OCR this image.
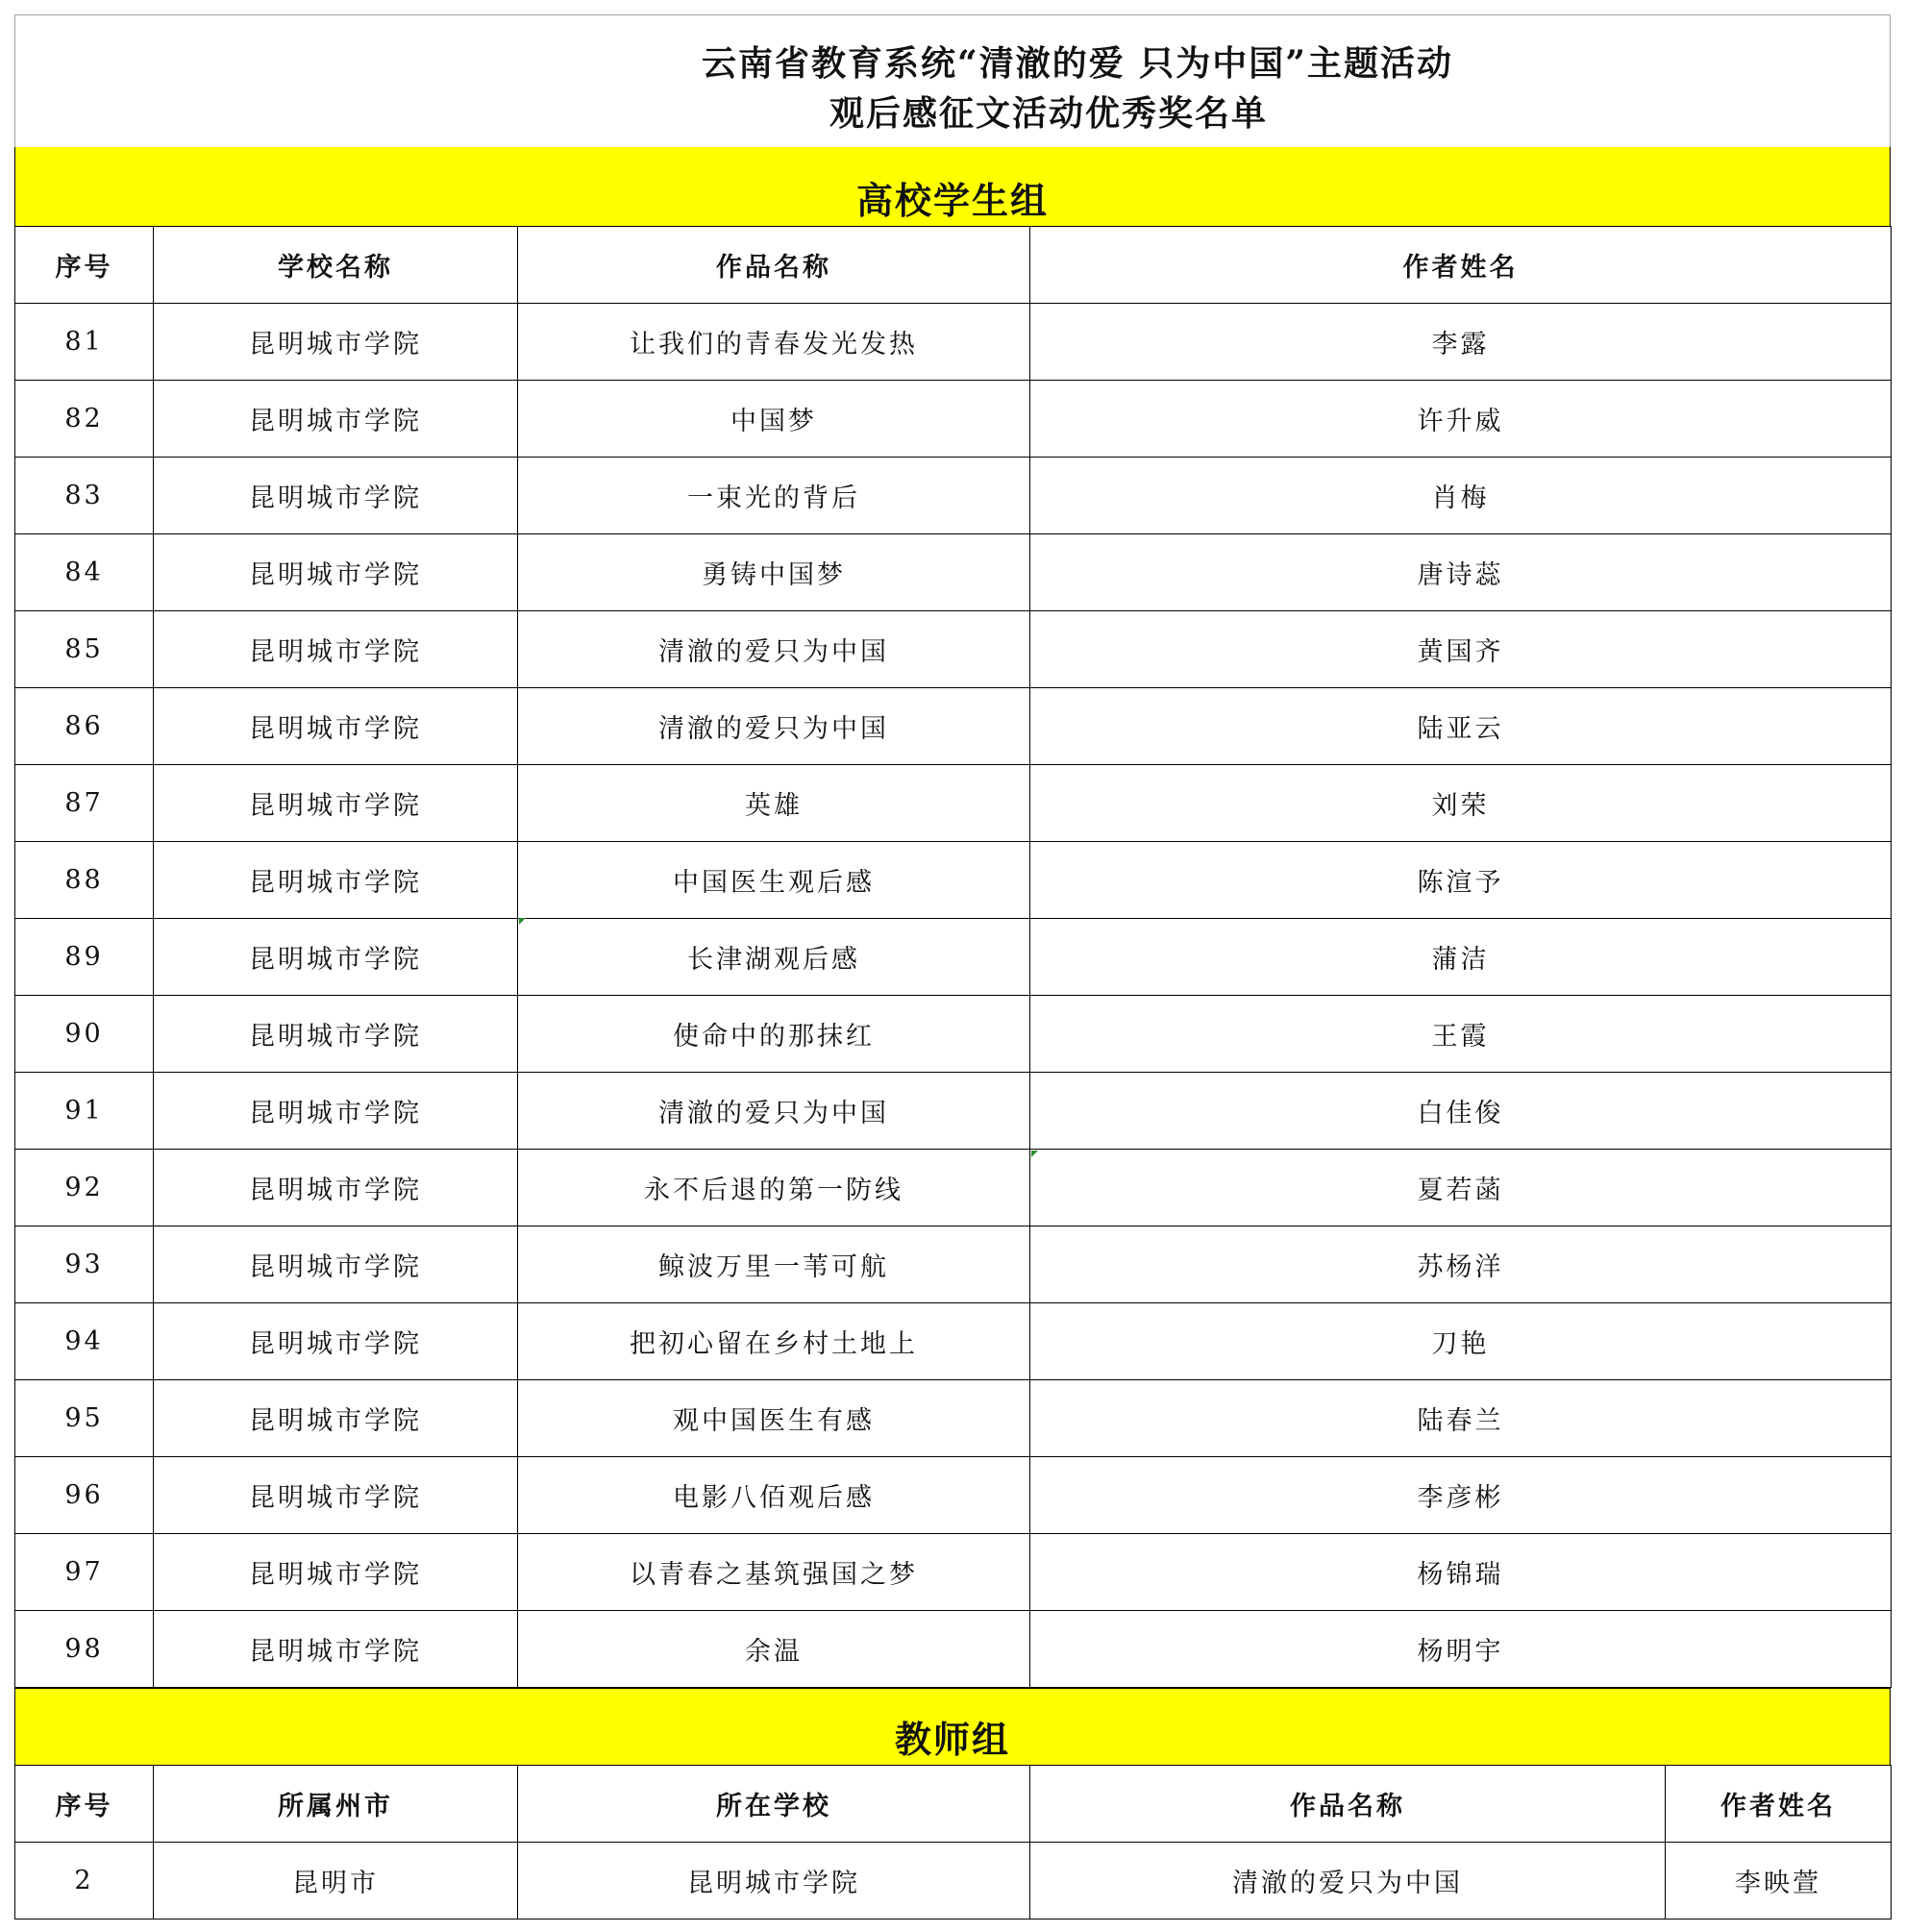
云南省教育系统“清澈的爱 只为中国”主题活动
观后感征文活动优秀奖名单
高校学生组
序号	学校名称	作品名称	作者姓名
81	昆明城市学院	让我们的青春发光发热	李露
82	昆明城市学院	中国梦	许升威
83	昆明城市学院	一束光的背后	肖梅
84	昆明城市学院	勇铸中国梦	唐诗蕊
85	昆明城市学院	清澈的爱只为中国	黄国齐
86	昆明城市学院	清澈的爱只为中国	陆亚云
87	昆明城市学院	英雄	刘荣
88	昆明城市学院	中国医生观后感	陈渲予
89	昆明城市学院	长津湖观后感	蒲洁
90	昆明城市学院	使命中的那抹红	王霞
91	昆明城市学院	清澈的爱只为中国	白佳俊
92	昆明城市学院	永不后退的第一防线	夏若菡
93	昆明城市学院	鲸波万里一苇可航	苏杨洋
94	昆明城市学院	把初心留在乡村土地上	刀艳
95	昆明城市学院	观中国医生有感	陆春兰
96	昆明城市学院	电影八佰观后感	李彦彬
97	昆明城市学院	以青春之基筑强国之梦	杨锦瑞
98	昆明城市学院	余温	杨明宇
教师组
序号	所属州市	所在学校	作品名称	作者姓名
2	昆明市	昆明城市学院	清澈的爱只为中国	李映萱
